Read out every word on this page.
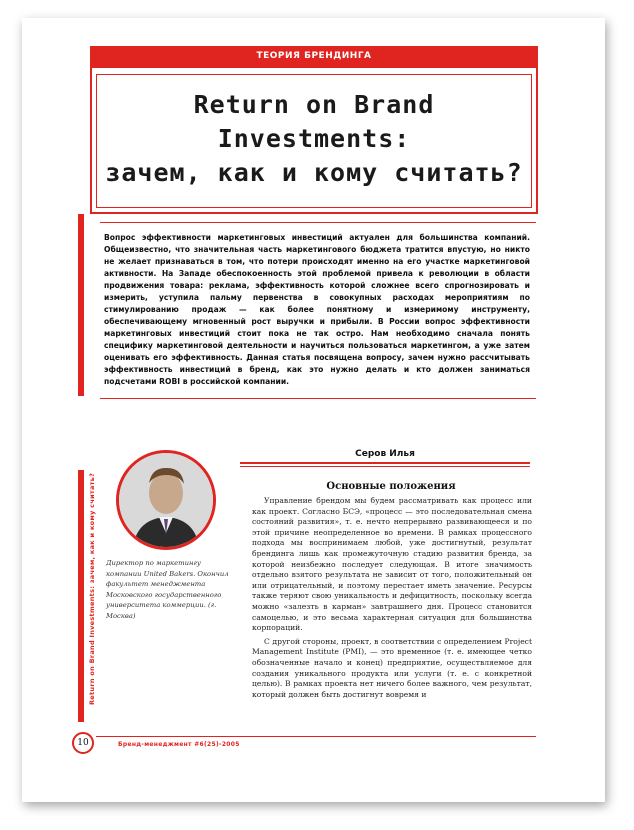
ТЕОРИЯ БРЕНДИНГА
Return on Brand
Investments:
зачем, как и кому считать?
Вопрос эффективности маркетинговых инвестиций актуален для большинства компаний. Общеизвестно, что значительная часть маркетингового бюджета тратится впустую, но никто не желает признаваться в том, что потери происходят именно на его участке маркетинговой активности. На Западе обеспокоенность этой проблемой привела к революции в области продвижения товара: реклама, эффективность которой сложнее всего спрогнозировать и измерить, уступила пальму первенства в совокупных расходах мероприятиям по стимулированию продаж — как более понятному и измеримому инструменту, обеспечивающему мгновенный рост выручки и прибыли. В России вопрос эффективности маркетинговых инвестиций стоит пока не так остро. Нам необходимо сначала понять специфику маркетинговой деятельности и научиться пользоваться маркетингом, а уже затем оценивать его эффективность. Данная статья посвящена вопросу, зачем нужно рассчитывать эффективность инвестиций в бренд, как это нужно делать и кто должен заниматься подсчетами ROBI в российской компании.
Return on Brand Investments: зачем, как и кому считать?
Серов Илья
Директор по маркетингу компании United Bakers. Окончил факультет менеджмента Московского государственного университета коммерции. (г. Москва)
Основные положения

Управление брендом мы будем рассматривать как процесс или как проект. Согласно БСЭ, «процесс — это последовательная смена состояний развития», т. е. нечто непрерывно развивающееся и по этой причине неопределенное во времени. В рамках процессного подхода мы воспринимаем любой, уже достигнутый, результат брендинга лишь как промежуточную стадию развития бренда, за которой неизбежно последует следующая. В итоге значимость отдельно взятого результата не зависит от того, положительный он или отрицательный, и поэтому перестает иметь значение. Ресурсы также теряют свою уникальность и дефицитность, поскольку всегда можно «залезть в карман» завтрашнего дня. Процесс становится самоцелью, и это весьма характерная ситуация для большинства корпораций.

С другой стороны, проект, в соответствии с определением Project Management Institute (PMI), — это временное (т. е. имеющее четко обозначенные начало и конец) предприятие, осуществляемое для создания уникального продукта или услуги (т. е. с конкретной целью). В рамках проекта нет ничего более важного, чем результат, который должен быть достигнут вовремя и

10	Бренд-менеджмент #6(25)-2005
